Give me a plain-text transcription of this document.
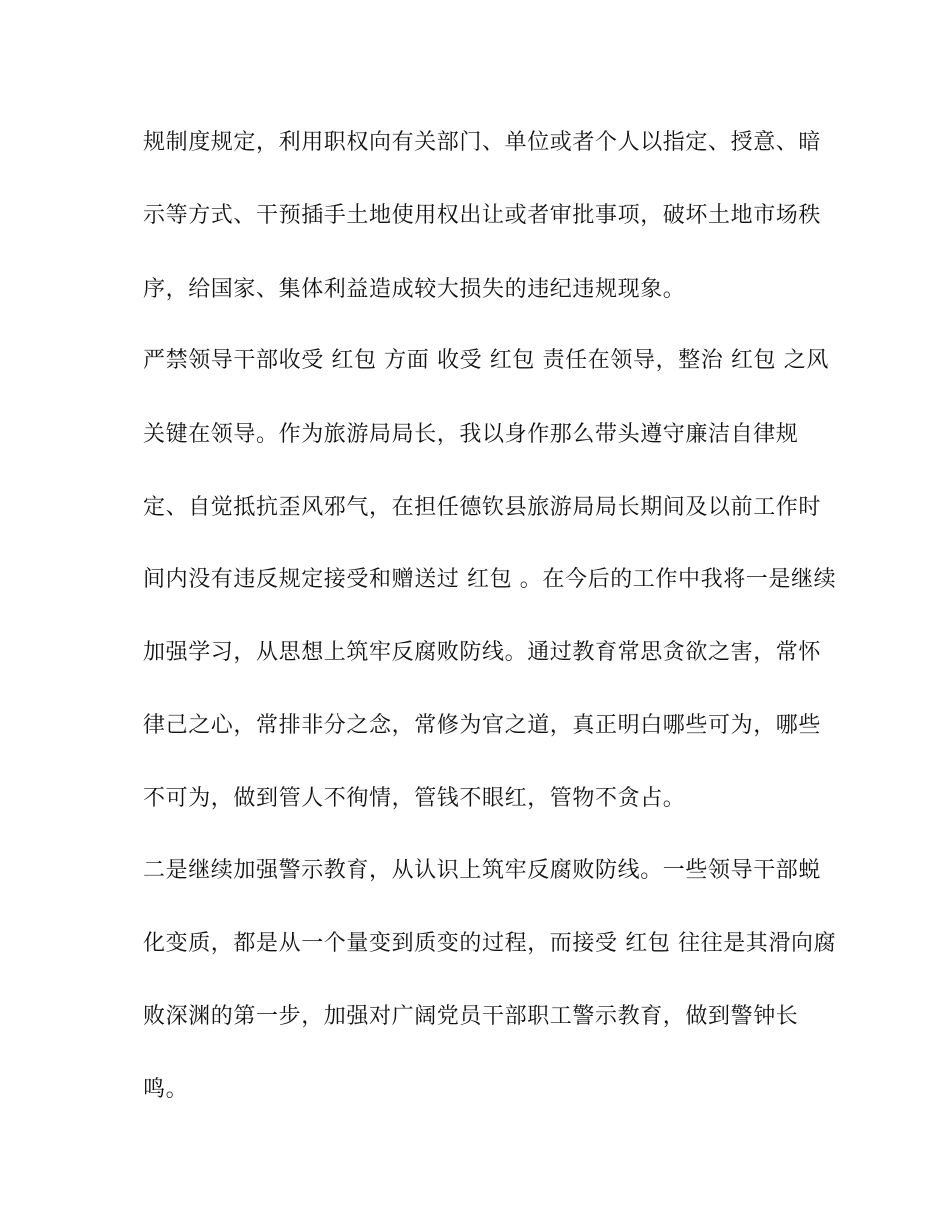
规制度规定，利用职权向有关部门、单位或者个人以指定、授意、暗
示等方式、干预插手土地使用权出让或者审批事项，破坏土地市场秩
序，给国家、集体利益造成较大损失的违纪违规现象。
严禁领导干部收受 红包 方面 收受 红包 责任在领导，整治 红包 之风
关键在领导。作为旅游局局长，我以身作那么带头遵守廉洁自律规
定、自觉抵抗歪风邪气，在担任德钦县旅游局局长期间及以前工作时
间内没有违反规定接受和赠送过 红包 。在今后的工作中我将一是继续
加强学习，从思想上筑牢反腐败防线。通过教育常思贪欲之害，常怀
律己之心，常排非分之念，常修为官之道，真正明白哪些可为，哪些
不可为，做到管人不徇情，管钱不眼红，管物不贪占。
二是继续加强警示教育，从认识上筑牢反腐败防线。一些领导干部蜕
化变质，都是从一个量变到质变的过程，而接受 红包 往往是其滑向腐
败深渊的第一步，加强对广阔党员干部职工警示教育，做到警钟长
鸣。
